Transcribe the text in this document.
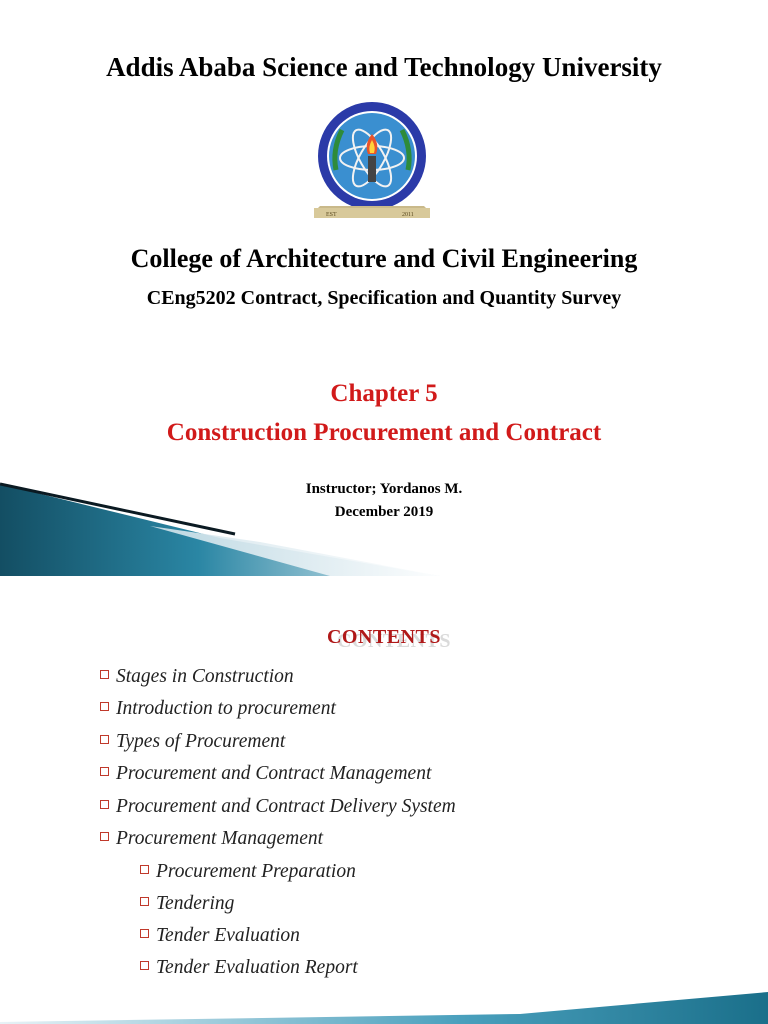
Addis Ababa Science and Technology University
EST	2011
College of Architecture and Civil Engineering
CEng5202 Contract, Specification and Quantity Survey
Chapter 5
Construction Procurement and Contract
Instructor; Yordanos M.
December 2019
CONTENTS
Stages in Construction
Introduction to procurement
Types of Procurement
Procurement and Contract Management
Procurement and Contract Delivery System
Procurement Management
Procurement Preparation
Tendering
Tender Evaluation
Tender Evaluation Report
